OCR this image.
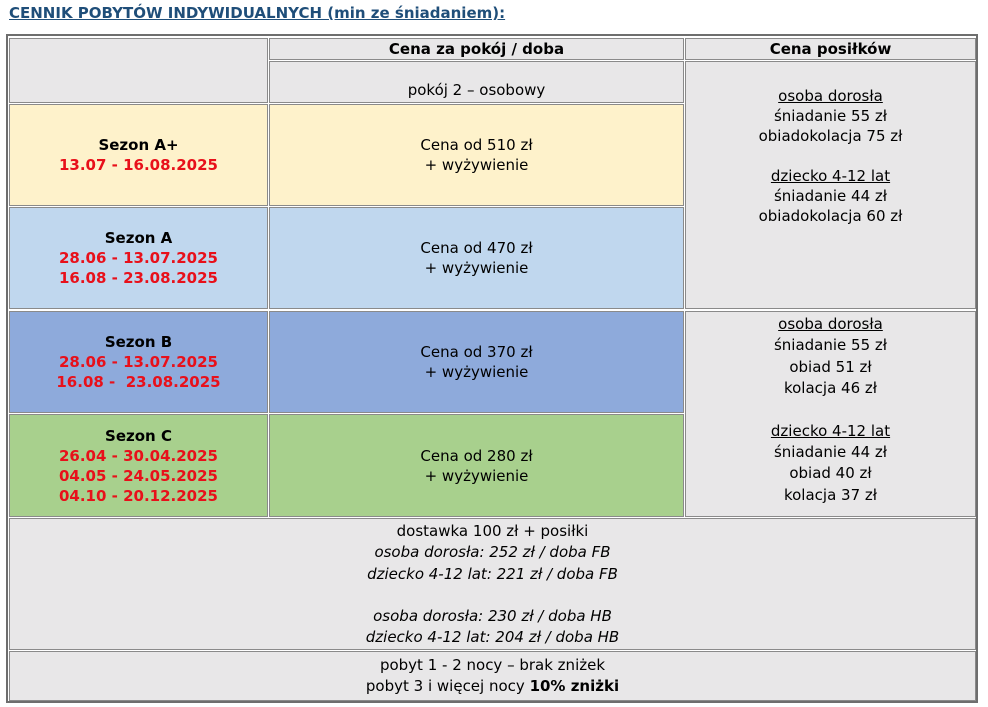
CENNIK POBYTÓW INDYWIDUALNYCH (min ze śniadaniem):
Cena za pokój / doba	Cena posiłków
pokój 2 – osobowy
Sezon A+
13.07 - 16.08.2025
Cena od 510 zł
+ wyżywienie
Sezon A
28.06 - 13.07.2025
16.08 - 23.08.2025
Cena od 470 zł
+ wyżywienie
osoba dorosła
śniadanie 55 zł
obiadokolacja 75 zł
dziecko 4-12 lat
śniadanie 44 zł
obiadokolacja 60 zł
Sezon B
28.06 - 13.07.2025
16.08 -  23.08.2025
Cena od 370 zł
+ wyżywienie
Sezon C
26.04 - 30.04.2025
04.05 - 24.05.2025
04.10 - 20.12.2025
Cena od 280 zł
+ wyżywienie
osoba dorosła
śniadanie 55 zł
obiad 51 zł
kolacja 46 zł
dziecko 4-12 lat
śniadanie 44 zł
obiad 40 zł
kolacja 37 zł
dostawka 100 zł + posiłki
osoba dorosła: 252 zł / doba FB
dziecko 4-12 lat: 221 zł / doba FB
osoba dorosła: 230 zł / doba HB
dziecko 4-12 lat: 204 zł / doba HB
pobyt 1 - 2 nocy – brak zniżek
pobyt 3 i więcej nocy 10% zniżki
